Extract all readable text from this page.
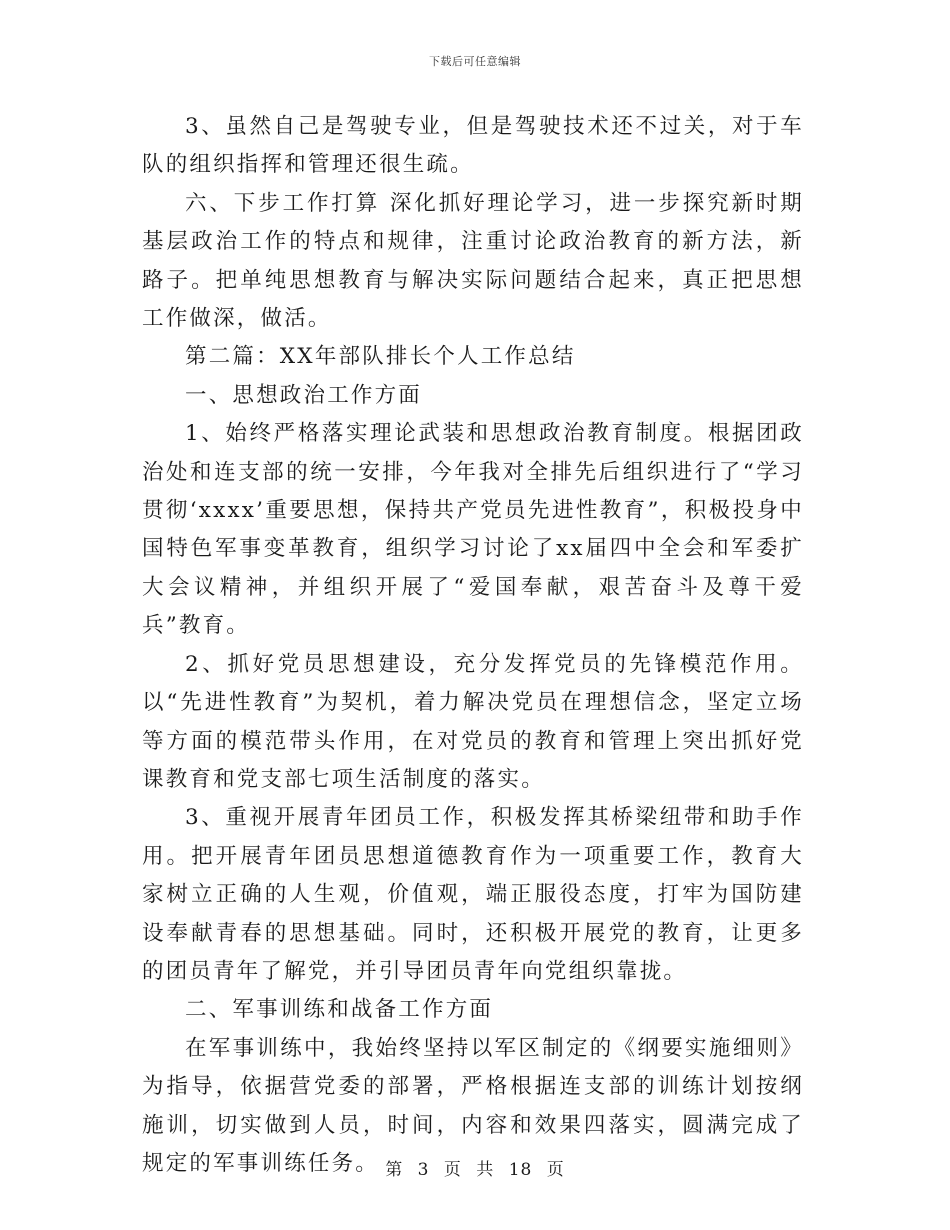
下载后可任意编辑

3、虽然自己是驾驶专业，但是驾驶技术还不过关，对于车队的组织指挥和管理还很生疏。

六、下步工作打算 深化抓好理论学习，进一步探究新时期基层政治工作的特点和规律，注重讨论政治教育的新方法，新路子。把单纯思想教育与解决实际问题结合起来，真正把思想工作做深，做活。

第二篇：XX年部队排长个人工作总结

一、思想政治工作方面

1、始终严格落实理论武装和思想政治教育制度。根据团政治处和连支部的统一安排，今年我对全排先后组织进行了“学习贯彻‘xxxx’重要思想，保持共产党员先进性教育”，积极投身中国特色军事变革教育，组织学习讨论了xx届四中全会和军委扩大会议精神，并组织开展了“爱国奉献，艰苦奋斗及尊干爱兵”教育。

2、抓好党员思想建设，充分发挥党员的先锋模范作用。以“先进性教育”为契机，着力解决党员在理想信念，坚定立场等方面的模范带头作用，在对党员的教育和管理上突出抓好党课教育和党支部七项生活制度的落实。

3、重视开展青年团员工作，积极发挥其桥梁纽带和助手作用。把开展青年团员思想道德教育作为一项重要工作，教育大家树立正确的人生观，价值观，端正服役态度，打牢为国防建设奉献青春的思想基础。同时，还积极开展党的教育，让更多的团员青年了解党，并引导团员青年向党组织靠拢。

二、军事训练和战备工作方面

在军事训练中，我始终坚持以军区制定的《纲要实施细则》为指导，依据营党委的部署，严格根据连支部的训练计划按纲施训，切实做到人员，时间，内容和效果四落实，圆满完成了规定的军事训练任务。 第 3 页 共 18 页
